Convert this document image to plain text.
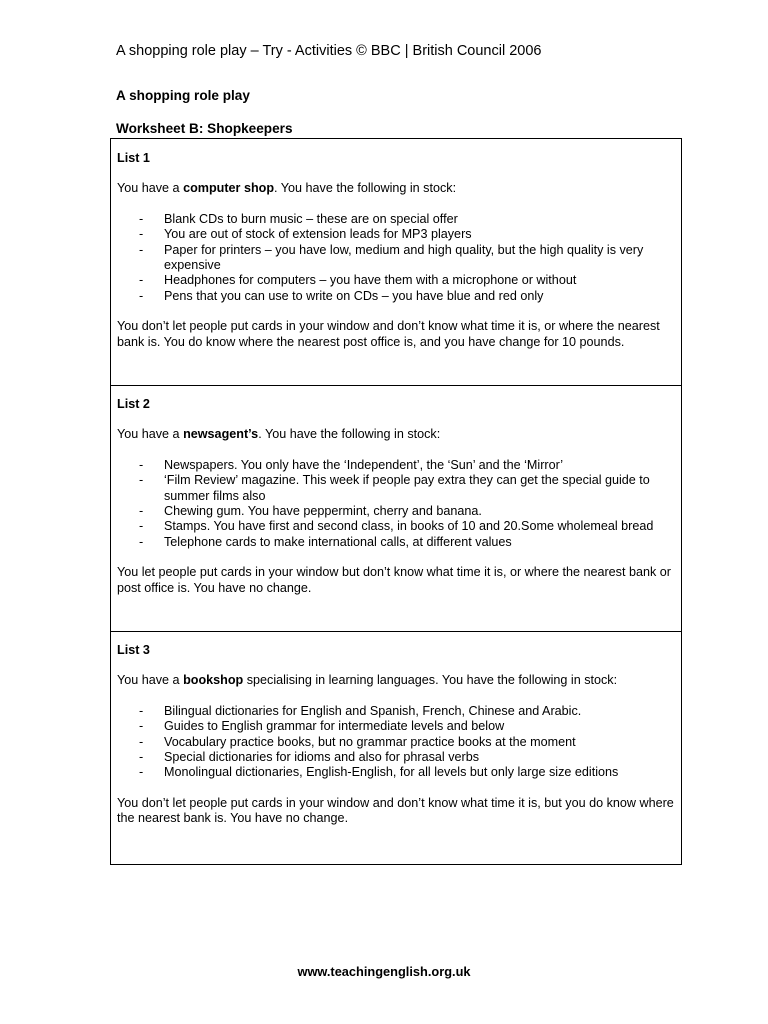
A shopping role play – Try - Activities © BBC | British Council 2006
A shopping role play
Worksheet B: Shopkeepers

List 1

You have a computer shop. You have the following in stock:

- Blank CDs to burn music – these are on special offer
- You are out of stock of extension leads for MP3 players
- Paper for printers – you have low, medium and high quality, but the high quality is very expensive
- Headphones for computers – you have them with a microphone or without
- Pens that you can use to write on CDs – you have blue and red only

You don’t let people put cards in your window and don’t know what time it is, or where the nearest bank is. You do know where the nearest post office is, and you have change for 10 pounds.

List 2

You have a newsagent’s. You have the following in stock:

- Newspapers. You only have the ‘Independent’, the ‘Sun’ and the ‘Mirror’
- ‘Film Review’ magazine. This week if people pay extra they can get the special guide to summer films also
- Chewing gum. You have peppermint, cherry and banana.
- Stamps. You have first and second class, in books of 10 and 20.Some wholemeal bread
- Telephone cards to make international calls, at different values

You let people put cards in your window but don’t know what time it is, or where the nearest bank or post office is. You have no change.

List 3

You have a bookshop specialising in learning languages. You have the following in stock:

- Bilingual dictionaries for English and Spanish, French, Chinese and Arabic.
- Guides to English grammar for intermediate levels and below
- Vocabulary practice books, but no grammar practice books at the moment
- Special dictionaries for idioms and also for phrasal verbs
- Monolingual dictionaries, English-English, for all levels but only large size editions

You don’t let people put cards in your window and don’t know what time it is, but you do know where the nearest bank is. You have no change.

www.teachingenglish.org.uk
